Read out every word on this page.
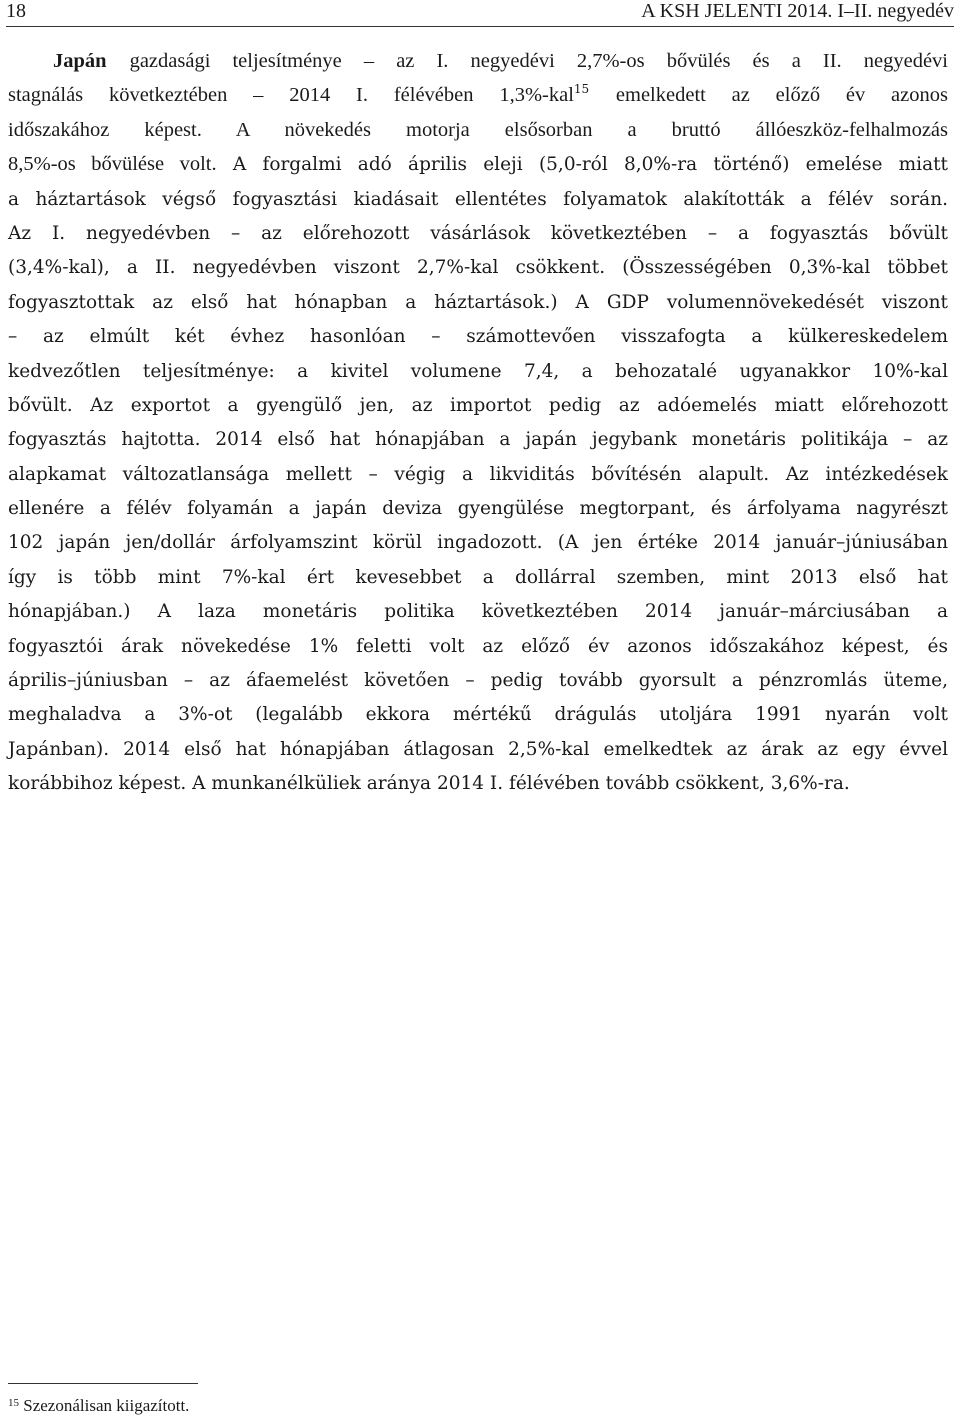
18	A KSH JELENTI 2014. I–II. negyedév
Japán gazdasági teljesítménye – az I. negyedévi 2,7%-os bővülés és a II. negyedévi
stagnálás következtében – 2014 I. félévében 1,3%-kal$^{15}$ emelkedett az előző év azonos
időszakához képest. A növekedés motorja elsősorban a bruttó állóeszköz-felhalmozás
8,5%-os bővülése volt. A forgalmi adó április eleji (5,0-ról 8,0%-ra történő) emelése miatt
a háztartások végső fogyasztási kiadásait ellentétes folyamatok alakították a félév során.
Az I. negyedévben – az előrehozott vásárlások következtében – a fogyasztás bővült
(3,4%-kal), a II. negyedévben viszont 2,7%-kal csökkent. (Összességében 0,3%-kal többet
fogyasztottak az első hat hónapban a háztartások.) A GDP volumennövekedését viszont
– az elmúlt két évhez hasonlóan – számottevően visszafogta a külkereskedelem
kedvezőtlen teljesítménye: a kivitel volumene 7,4, a behozatalé ugyanakkor 10%-kal
bővült. Az exportot a gyengülő jen, az importot pedig az adóemelés miatt előrehozott
fogyasztás hajtotta. 2014 első hat hónapjában a japán jegybank monetáris politikája – az
alapkamat változatlansága mellett – végig a likviditás bővítésén alapult. Az intézkedések
ellenére a félév folyamán a japán deviza gyengülése megtorpant, és árfolyama nagyrészt
102 japán jen/dollár árfolyamszint körül ingadozott. (A jen értéke 2014 január–júniusában
így is több mint 7%-kal ért kevesebbet a dollárral szemben, mint 2013 első hat
hónapjában.) A laza monetáris politika következtében 2014 január–márciusában a
fogyasztói árak növekedése 1% feletti volt az előző év azonos időszakához képest, és
április–júniusban – az áfaemelést követően – pedig tovább gyorsult a pénzromlás üteme,
meghaladva a 3%-ot (legalább ekkora mértékű drágulás utoljára 1991 nyarán volt
Japánban). 2014 első hat hónapjában átlagosan 2,5%-kal emelkedtek az árak az egy évvel
korábbihoz képest. A munkanélküliek aránya 2014 I. félévében tovább csökkent, 3,6%-ra.
$^{15}$ Szezonálisan kiigazított.
